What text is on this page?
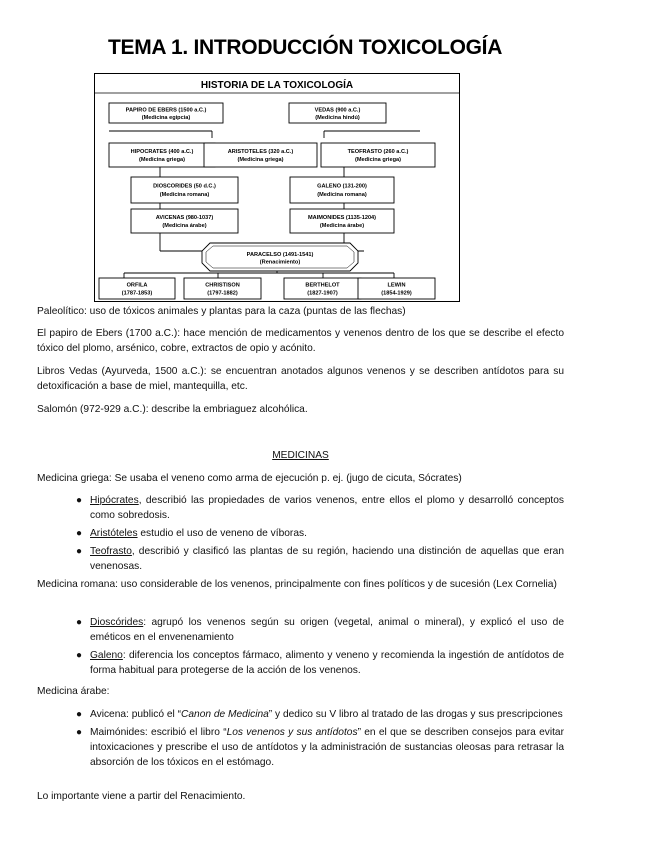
TEMA 1. INTRODUCCIÓN TOXICOLOGÍA
HISTORIA DE LA TOXICOLOGÍA
PAPIRO DE EBERS (1500 a.C.)
(Medicina egipcia)
VEDAS (900 a.C.)
(Medicina hindú)
HIPOCRATES (400 a.C.)
(Medicina griega)
ARISTOTELES (320 a.C.)
(Medicina griega)
TEOFRASTO (260 a.C.)
(Medicina griega)
DIOSCORIDES (50 d.C.)
(Medicina romana)
GALENO (131-200)
(Medicina romana)
AVICENAS (980-1037)
(Medicina árabe)
MAIMONIDES (1135-1204)
(Medicina árabe)
PARACELSO (1491-1541)
(Renacimiento)
ORFILA
(1787-1853)
CHRISTISON
(1797-1882)
BERTHELOT
(1827-1907)
LEWIN
(1854-1929)
Paleolítico: uso de tóxicos animales y plantas para la caza (puntas de las flechas)
El papiro de Ebers (1700 a.C.): hace mención de medicamentos y venenos dentro de los que se describe el efecto tóxico del plomo, arsénico, cobre, extractos de opio y acónito.
Libros Vedas (Ayurveda, 1500 a.C.): se encuentran anotados algunos venenos y se describen antídotos para su detoxificación a base de miel, mantequilla, etc.
Salomón (972-929 a.C.): describe la embriaguez alcohólica.
MEDICINAS
Medicina griega: Se usaba el veneno como arma de ejecución p. ej. (jugo de cicuta, Sócrates)
● Hipócrates, describió las propiedades de varios venenos, entre ellos el plomo y desarrolló conceptos como sobredosis.
● Aristóteles estudio el uso de veneno de víboras.
● Teofrasto, describió y clasificó las plantas de su región, haciendo una distinción de aquellas que eran venenosas.
Medicina romana: uso considerable de los venenos, principalmente con fines políticos y de sucesión (Lex Cornelia)
● Dioscórides: agrupó los venenos según su origen (vegetal, animal o mineral), y explicó el uso de eméticos en el envenenamiento
● Galeno: diferencia los conceptos fármaco, alimento y veneno y recomienda la ingestión de antídotos de forma habitual para protegerse de la acción de los venenos.
Medicina árabe:
● Avicena: publicó el “Canon de Medicina” y dedico su V libro al tratado de las drogas y sus prescripciones
● Maimónides: escribió el libro “Los venenos y sus antídotos” en el que se describen consejos para evitar intoxicaciones y prescribe el uso de antídotos y la administración de sustancias oleosas para retrasar la absorción de los tóxicos en el estómago.
Lo importante viene a partir del Renacimiento.
